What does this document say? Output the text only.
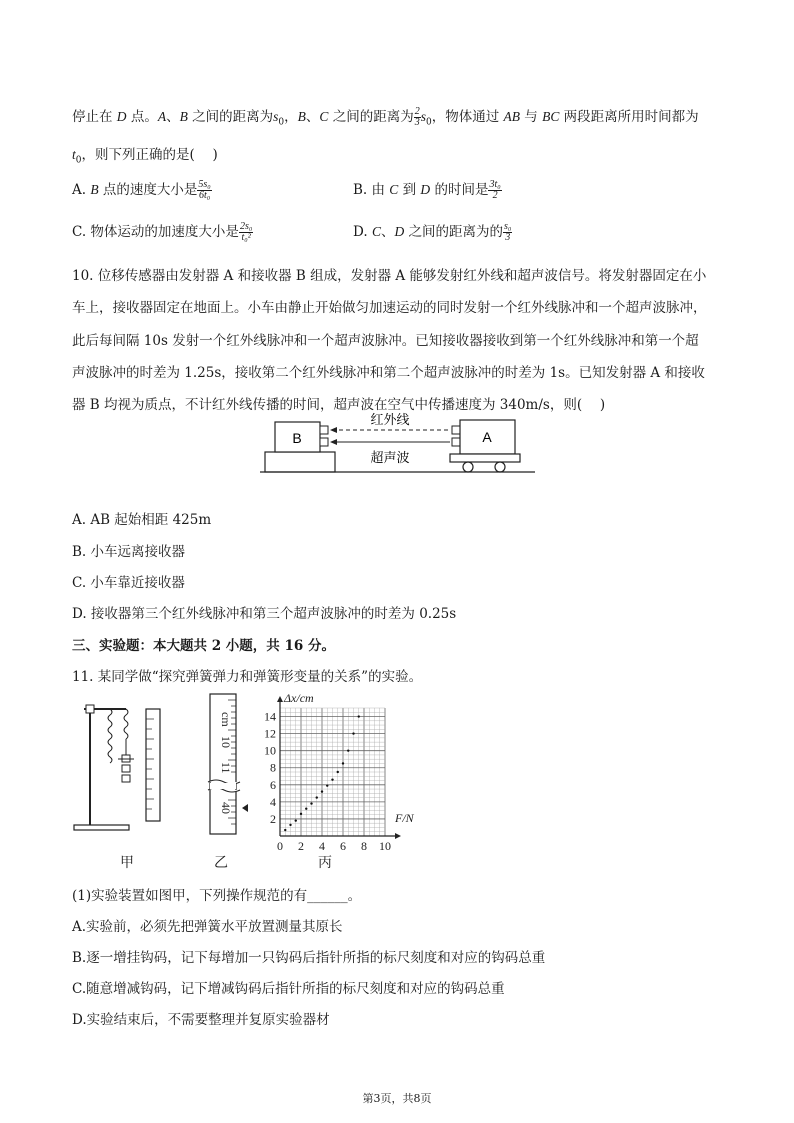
停止在 D 点。A、B 之间的距离为$s_0$，B、C 之间的距离为 $\frac{2}{3} s_0$，物体通过 AB 与 BC 两段距离所用时间都为
$t_0$，则下列正确的是(　 )
A. B 点的速度大小是 $\frac{\text{5s₀}}{\text{6t₀}}$	B. 由 C 到 D 的时间是 $\frac{\text{3t₀}}{2}$
C. 物体运动的加速度大小是 $\frac{\text{2s₀}}{\text{t₀²}}$	D. C、D 之间的距离为的 $\frac{\text{s₀}}{3}$
10. 位移传感器由发射器 A 和接收器 B 组成，发射器 A 能够发射红外线和超声波信号。将发射器固定在小
车上，接收器固定在地面上。小车由静止开始做匀加速运动的同时发射一个红外线脉冲和一个超声波脉冲，
此后每间隔 10s 发射一个红外线脉冲和一个超声波脉冲。已知接收器接收到第一个红外线脉冲和第一个超
声波脉冲的时差为 1.25s，接收第二个红外线脉冲和第二个超声波脉冲的时差为 1s。已知发射器 A 和接收
器 B 均视为质点，不计红外线传播的时间，超声波在空气中传播速度为 340m/s，则(　 )
B
红外线
超声波
A
A. AB 起始相距 425m
B. 小车远离接收器
C. 小车靠近接收器
D. 接收器第三个红外线脉冲和第三个超声波脉冲的时差为 0.25s
三、实验题：本大题共 2 小题，共 16 分。
11. 某同学做“探究弹簧弹力和弹簧形变量的关系”的实验。
cm
10
11
40
0 2 4 6 8 10
2
4
6
8
10
12
14
F/N
Δx/cm
甲	乙	丙
(1)实验装置如图甲，下列操作规范的有______。
A.实验前，必须先把弹簧水平放置测量其原长
B.逐一增挂钩码，记下每增加一只钩码后指针所指的标尺刻度和对应的钩码总重
C.随意增减钩码，记下增减钩码后指针所指的标尺刻度和对应的钩码总重
D.实验结束后，不需要整理并复原实验器材
第3页，共8页
